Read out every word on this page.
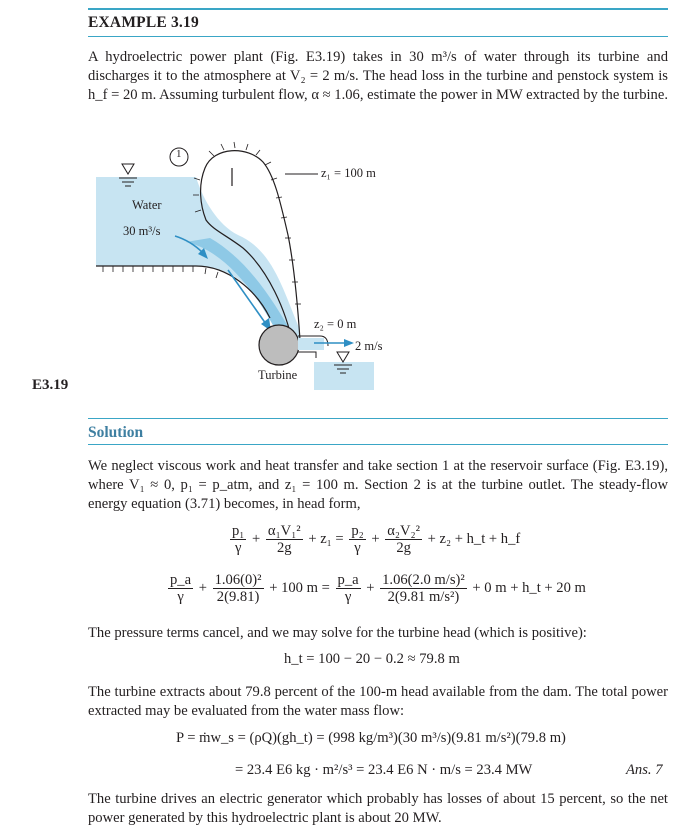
EXAMPLE 3.19
A hydroelectric power plant (Fig. E3.19) takes in 30 m³/s of water through its turbine and discharges it to the atmosphere at V₂ = 2 m/s. The head loss in the turbine and penstock system is h_f = 20 m. Assuming turbulent flow, α ≈ 1.06, estimate the power in MW extracted by the turbine.
1
Water
30 m³/s
z₁ = 100 m
z₂ = 0 m
2 m/s
Turbine
E3.19
Solution
We neglect viscous work and heat transfer and take section 1 at the reservoir surface (Fig. E3.19), where V₁ ≈ 0, p₁ = p_atm, and z₁ = 100 m. Section 2 is at the turbine outlet. The steady-flow energy equation (3.71) becomes, in head form,
$\frac{\text{p₁}}{\gamma} + \frac{\text{α₁V₁²}}{2g} + z_1 = \frac{\text{p₂}}{\gamma} + \frac{\text{α₂V₂²}}{2g} + z_2$ + h_t + h_f
$\frac{p\_a}{\gamma} + \frac{\text{1.06(0)²}}{2(9.81)} + 100$ $m = \frac{p\_a}{\gamma} + \frac{\text{1.06(2.0 m/s)²}}{\text{2(9.81 m/s²)}} + 0$ m + h_t + 20 m
The pressure terms cancel, and we may solve for the turbine head (which is positive):
h_t = 100 − 20 − 0.2 ≈ 79.8 m
The turbine extracts about 79.8 percent of the 100-m head available from the dam. The total power extracted may be evaluated from the water mass flow:
P = ṁw_s = (ρQ)(gh_t) = (998 kg/m³)(30 m³/s)(9.81 m/s²)(79.8 m)
= 23.4 E6 kg · m²/s³ = 23.4 E6 N · m/s = 23.4 MW	Ans. 7
The turbine drives an electric generator which probably has losses of about 15 percent, so the net power generated by this hydroelectric plant is about 20 MW.
